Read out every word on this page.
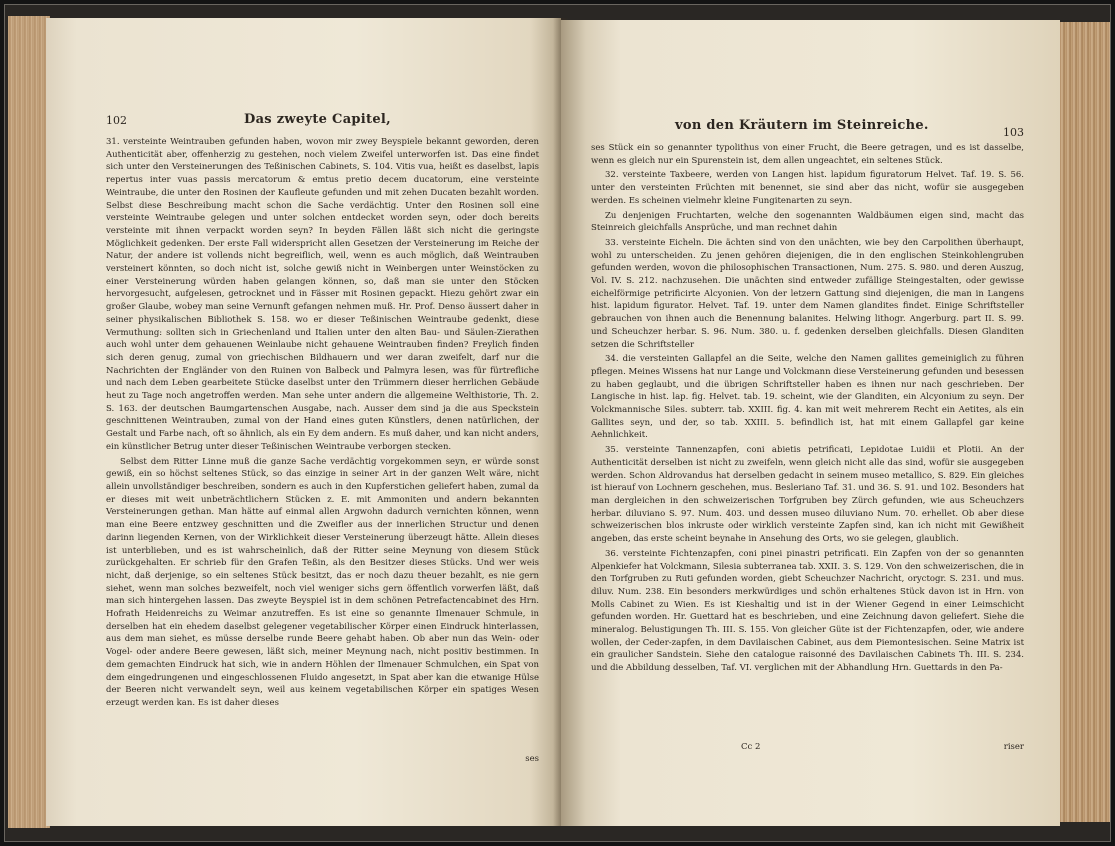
102	Das zweyte Capitel,

31. versteinte Weintrauben gefunden haben, wovon mir zwey Beyspiele bekannt geworden, deren Authenticität aber, offenherzig zu gestehen, noch vielem Zweifel unterworfen ist. Das eine findet sich unter den Versteinerungen des Teßinischen Cabinets, S. 104. Vitis vua, heißt es daselbst, lapis repertus inter vuas passis mercatorum & emtus pretio decem ducatorum, eine versteinte Weintraube, die unter den Rosinen der Kaufleute gefunden und mit zehen Ducaten bezahlt worden. Selbst diese Beschreibung macht schon die Sache verdächtig. Unter den Rosinen soll eine versteinte Weintraube gelegen und unter solchen entdecket worden seyn, oder doch bereits versteinte mit ihnen verpackt worden seyn? In beyden Fällen läßt sich nicht die geringste Möglichkeit gedenken. Der erste Fall widerspricht allen Gesetzen der Versteinerung im Reiche der Natur, der andere ist vollends nicht begreiflich, weil, wenn es auch möglich, daß Weintrauben versteinert könnten, so doch nicht ist, solche gewiß nicht in Weinbergen unter Weinstöcken zu einer Versteinerung würden haben gelangen können, so, daß man sie unter den Stöcken hervorgesucht, aufgelesen, getrocknet und in Fässer mit Rosinen gepackt. Hiezu gehört zwar ein großer Glaube, wobey man seine Vernunft gefangen nehmen muß. Hr. Prof. Denso äussert daher in seiner physikalischen Bibliothek S. 158. wo er dieser Teßinischen Weintraube gedenkt, diese Vermuthung: sollten sich in Griechenland und Italien unter den alten Bau- und Säulen-Zierathen auch wohl unter dem gehauenen Weinlaube nicht gehauene Weintrauben finden? Freylich finden sich deren genug, zumal von griechischen Bildhauern und wer daran zweifelt, darf nur die Nachrichten der Engländer von den Ruinen von Balbeck und Palmyra lesen, was für fürtrefliche und nach dem Leben gearbeitete Stücke daselbst unter den Trümmern dieser herrlichen Gebäude heut zu Tage noch angetroffen werden. Man sehe unter andern die allgemeine Welthistorie, Th. 2. S. 163. der deutschen Baumgartenschen Ausgabe, nach. Ausser dem sind ja die aus Speckstein geschnittenen Weintrauben, zumal von der Hand eines guten Künstlers, denen natürlichen, der Gestalt und Farbe nach, oft so ähnlich, als ein Ey dem andern. Es muß daher, und kan nicht anders, ein künstlicher Betrug unter dieser Teßinischen Weintraube verborgen stecken.

Selbst dem Ritter Linne muß die ganze Sache verdächtig vorgekommen seyn, er würde sonst gewiß, ein so höchst seltenes Stück, so das einzige in seiner Art in der ganzen Welt wäre, nicht allein unvollständiger beschreiben, sondern es auch in den Kupferstichen geliefert haben, zumal da er dieses mit weit unbeträchtlichern Stücken z. E. mit Ammoniten und andern bekannten Versteinerungen gethan. Man hätte auf einmal allen Argwohn dadurch vernichten können, wenn man eine Beere entzwey geschnitten und die Zweifler aus der innerlichen Structur und denen darinn liegenden Kernen, von der Wirklichkeit dieser Versteinerung überzeugt hätte. Allein dieses ist unterblieben, und es ist wahrscheinlich, daß der Ritter seine Meynung von diesem Stück zurückgehalten. Er schrieb für den Grafen Teßin, als den Besitzer dieses Stücks. Und wer weis nicht, daß derjenige, so ein seltenes Stück besitzt, das er noch dazu theuer bezahlt, es nie gern siehet, wenn man solches bezweifelt, noch viel weniger sichs gern öffentlich vorwerfen läßt, daß man sich hintergehen lassen. Das zweyte Beyspiel ist in dem schönen Petrefactencabinet des Hrn. Hofrath Heidenreichs zu Weimar anzutreffen. Es ist eine so genannte Ilmenauer Schmule, in derselben hat ein ehedem daselbst gelegener vegetabilischer Körper einen Eindruck hinterlassen, aus dem man siehet, es müsse derselbe runde Beere gehabt haben. Ob aber nun das Wein- oder Vogel- oder andere Beere gewesen, läßt sich, meiner Meynung nach, nicht positiv bestimmen. In dem gemachten Eindruck hat sich, wie in andern Höhlen der Ilmenauer Schmulchen, ein Spat von dem eingedrungenen und eingeschlossenen Fluido angesetzt, in Spat aber kan die etwanige Hülse der Beeren nicht verwandelt seyn, weil aus keinem vegetabilischen Körper ein spatiges Wesen erzeugt werden kan. Es ist daher dieses

ses
von den Kräutern im Steinreiche.	103

ses Stück ein so genannter typolithus von einer Frucht, die Beere getragen, und es ist dasselbe, wenn es gleich nur ein Spurenstein ist, dem allen ungeachtet, ein seltenes Stück.

32. versteinte Taxbeere, werden von Langen hist. lapidum figuratorum Helvet. Taf. 19. S. 56. unter den versteinten Früchten mit benennet, sie sind aber das nicht, wofür sie ausgegeben werden. Es scheinen vielmehr kleine Fungitenarten zu seyn.

Zu denjenigen Fruchtarten, welche den sogenannten Waldbäumen eigen sind, macht das Steinreich gleichfalls Ansprüche, und man rechnet dahin

33. versteinte Eicheln. Die ächten sind von den unächten, wie bey den Carpolithen überhaupt, wohl zu unterscheiden. Zu jenen gehören diejenigen, die in den englischen Steinkohlengruben gefunden werden, wovon die philosophischen Transactionen, Num. 275. S. 980. und deren Auszug, Vol. IV. S. 212. nachzusehen. Die unächten sind entweder zufällige Steingestalten, oder gewisse eichelförmige petrificirte Alcyonien. Von der letzern Gattung sind diejenigen, die man in Langens hist. lapidum figurator. Helvet. Taf. 19. unter dem Namen glandites findet. Einige Schriftsteller gebrauchen von ihnen auch die Benennung balanites. Helwing lithogr. Angerburg. part II. S. 99. und Scheuchzer herbar. S. 96. Num. 380. u. f. gedenken derselben gleichfalls. Diesen Glanditen setzen die Schriftsteller

34. die versteinten Gallapfel an die Seite, welche den Namen gallites gemeiniglich zu führen pflegen. Meines Wissens hat nur Lange und Volckmann diese Versteinerung gefunden und besessen zu haben geglaubt, und die übrigen Schriftsteller haben es ihnen nur nach geschrieben. Der Langische in hist. lap. fig. Helvet. tab. 19. scheint, wie der Glanditen, ein Alcyonium zu seyn. Der Volckmannische Siles. subterr. tab. XXIII. fig. 4. kan mit weit mehrerem Recht ein Aetites, als ein Gallites seyn, und der, so tab. XXIII. 5. befindlich ist, hat mit einem Gallapfel gar keine Aehnlichkeit.

35. versteinte Tannenzapfen, coni abietis petrificati, Lepidotae Luidii et Plotii. An der Authenticität derselben ist nicht zu zweifeln, wenn gleich nicht alle das sind, wofür sie ausgegeben werden. Schon Aldrovandus hat derselben gedacht in seinem museo metallico, S. 829. Ein gleiches ist hierauf von Lochnern geschehen, mus. Besleriano Taf. 31. und 36. S. 91. und 102. Besonders hat man dergleichen in den schweizerischen Torfgruben bey Zürch gefunden, wie aus Scheuchzers herbar. diluviano S. 97. Num. 403. und dessen museo diluviano Num. 70. erhellet. Ob aber diese schweizerischen blos inkruste oder wirklich versteinte Zapfen sind, kan ich nicht mit Gewißheit angeben, das erste scheint beynahe in Ansehung des Orts, wo sie gelegen, glaublich.

36. versteinte Fichtenzapfen, coni pinei pinastri petrificati. Ein Zapfen von der so genannten Alpenkiefer hat Volckmann, Silesia subterranea tab. XXII. 3. S. 129. Von den schweizerischen, die in den Torfgruben zu Ruti gefunden worden, giebt Scheuchzer Nachricht, oryctogr. S. 231. und mus. diluv. Num. 238. Ein besonders merkwürdiges und schön erhaltenes Stück davon ist in Hrn. von Molls Cabinet zu Wien. Es ist Kieshaltig und ist in der Wiener Gegend in einer Leimschicht gefunden worden. Hr. Guettard hat es beschrieben, und eine Zeichnung davon geliefert. Siehe die mineralog. Belustigungen Th. III. S. 155. Von gleicher Güte ist der Fichtenzapfen, oder, wie andere wollen, der Ceder-zapfen, in dem Davilaischen Cabinet, aus dem Piemontesischen. Seine Matrix ist ein graulicher Sandstein. Siehe den catalogue raisonné des Davilaischen Cabinets Th. III. S. 234. und die Abbildung desselben, Taf. VI. verglichen mit der Abhandlung Hrn. Guettards in den Pa-

Cc 2	riser
